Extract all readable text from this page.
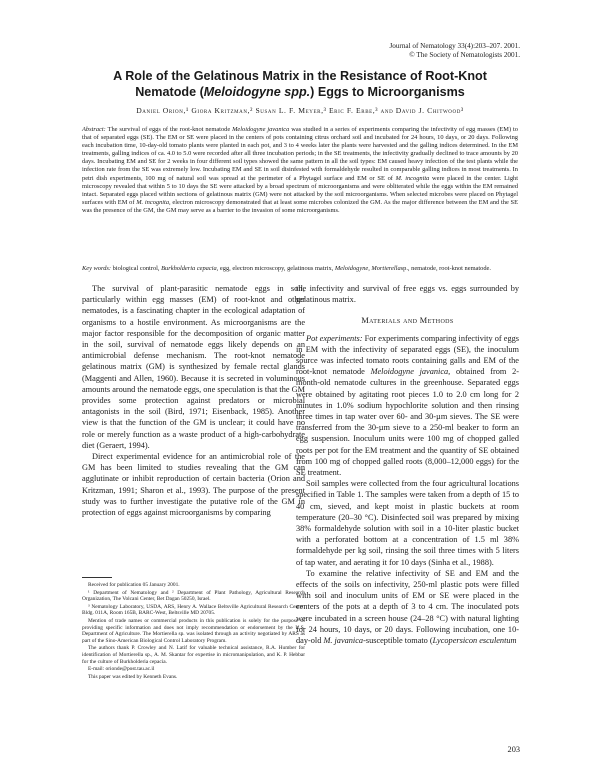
Journal of Nematology 33(4):203–207. 2001.
© The Society of Nematologists 2001.
A Role of the Gelatinous Matrix in the Resistance of Root-Knot
Nematode (Meloidogyne spp.) Eggs to Microorganisms
Daniel Orion,¹ Giora Kritzman,² Susan L. F. Meyer,³ Eric F. Erbe,³ and David J. Chitwood³
Abstract: The survival of eggs of the root-knot nematode Meloidogyne javanica was studied in a series of experiments comparing the infectivity of egg masses (EM) to that of separated eggs (SE). The EM or SE were placed in the centers of pots containing citrus orchard soil and incubated for 24 hours, 10 days, or 20 days. Following each incubation time, 10-day-old tomato plants were planted in each pot, and 3 to 4 weeks later the plants were harvested and the galling indices determined. In the EM treatments, galling indices of ca. 4.0 to 5.0 were recorded after all three incubation periods; in the SE treatments, the infectivity gradually declined to trace amounts by 20 days. Incubating EM and SE for 2 weeks in four different soil types showed the same pattern in all the soil types: EM caused heavy infection of the test plants while the infection rate from the SE was extremely low. Incubating EM and SE in soil disinfested with formaldehyde resulted in comparable galling indices in most treatments. In petri dish experiments, 100 mg of natural soil was spread at the perimeter of a Phytagel surface and EM or SE of M. incognita were placed in the center. Light microscopy revealed that within 5 to 10 days the SE were attacked by a broad spectrum of microorganisms and were obliterated while the eggs within the EM remained intact. Separated eggs placed within sections of gelatinous matrix (GM) were not attacked by the soil microorganisms. When selected microbes were placed on Phytagel surfaces with EM of M. incognita, electron microscopy demonstrated that at least some microbes colonized the GM. As the major difference between the EM and the SE was the presence of the GM, the GM may serve as a barrier to the invasion of some microorganisms.
Key words: biological control, Burkholderia cepacia, egg, electron microscopy, gelatinous matrix, Meloidogyne, Mortierellasp., nematode, root-knot nematode.

The survival of plant-parasitic nematode eggs in soil, particularly within egg masses (EM) of root-knot and other nematodes, is a fascinating chapter in the ecological adaptation of organisms to a hostile environment. As microorganisms are the major factor responsible for the decomposition of organic matter in the soil, survival of nematode eggs likely depends on an antimicrobial defense mechanism. The root-knot nematode gelatinous matrix (GM) is synthesized by female rectal glands (Maggenti and Allen, 1960). Because it is secreted in voluminous amounts around the nematode eggs, one speculation is that the GM provides some protection against predators or microbial antagonists in the soil (Bird, 1971; Eisenback, 1985). Another view is that the function of the GM is unclear; it could have no role or merely function as a waste product of a high-carbohydrate diet (Geraert, 1994).

Direct experimental evidence for an antimicrobial role of the GM has been limited to studies revealing that the GM can agglutinate or inhibit reproduction of certain bacteria (Orion and Kritzman, 1991; Sharon et al., 1993). The purpose of the present study was to further investigate the putative role of the GM in protection of eggs against microorganisms by comparing

Received for publication 05 January 2001.

¹ Department of Nematology and ² Department of Plant Pathology, Agricultural Research Organization, The Volcani Center, Bet Dagan 50250, Israel.

³ Nematology Laboratory, USDA, ARS, Henry A. Wallace Beltsville Agricultural Research Center, Bldg. 011A, Room 165B, BARC-West, Beltsville MD 20705.

Mention of trade names or commercial products in this publication is solely for the purpose of providing specific information and does not imply recommendation or endorsement by the U.S. Department of Agriculture. The Mortierella sp. was isolated through an activity negotiated by ARS as part of the Sino-American Biological Control Laboratory Program.

The authors thank P. Crowley and N. Latif for valuable technical assistance, R.A. Humber for identification of Mortierella sp., A. M. Skantar for expertise in micromanipulation, and K. P. Hebbar for the culture of Burkholderia cepacia.

E-mail: orionde@post.tau.ac.il

This paper was edited by Kenneth Evans.

the infectivity and survival of free eggs vs. eggs surrounded by gelatinous matrix.

Materials and Methods

Pot experiments: For experiments comparing infectivity of eggs in EM with the infectivity of separated eggs (SE), the inoculum source was infected tomato roots containing galls and EM of the root-knot nematode Meloidogyne javanica, obtained from 2-month-old nematode cultures in the greenhouse. Separated eggs were obtained by agitating root pieces 1.0 to 2.0 cm long for 2 minutes in 1.0% sodium hypochlorite solution and then rinsing three times in tap water over 60- and 30-µm sieves. The SE were transferred from the 30-µm sieve to a 250-ml beaker to form an egg suspension. Inoculum units were 100 mg of chopped galled roots per pot for the EM treatment and the quantity of SE obtained from 100 mg of chopped galled roots (8,000–12,000 eggs) for the SE treatment.

Soil samples were collected from the four agricultural locations specified in Table 1. The samples were taken from a depth of 15 to 40 cm, sieved, and kept moist in plastic buckets at room temperature (20–30 °C). Disinfected soil was prepared by mixing 38% formaldehyde solution with soil in a 10-liter plastic bucket with a perforated bottom at a concentration of 1.5 ml 38% formaldehyde per kg soil, rinsing the soil three times with 5 liters of tap water, and aerating it for 10 days (Sinha et al., 1988).

To examine the relative infectivity of SE and EM and the effects of the soils on infectivity, 250-ml plastic pots were filled with soil and inoculum units of EM or SE were placed in the centers of the pots at a depth of 3 to 4 cm. The inoculated pots were incubated in a screen house (24–28 °C) with natural lighting for 24 hours, 10 days, or 20 days. Following incubation, one 10-day-old M. javanica-susceptible tomato (Lycopersicon esculentum

203
